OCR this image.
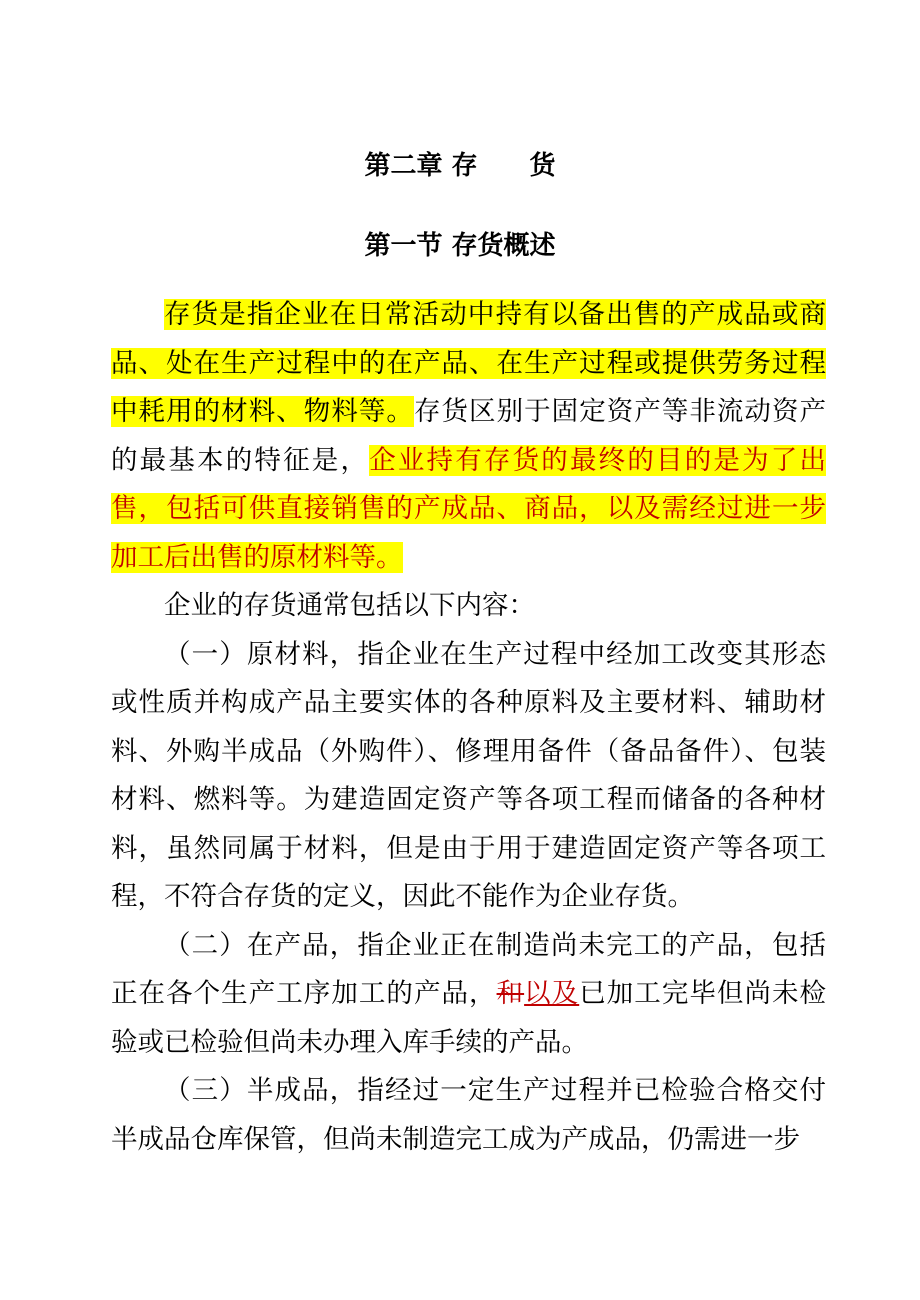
第二章 存 货
第一节 存货概述

存货是指企业在日常活动中持有以备出售的产成品或商品、处在生产过程中的在产品、在生产过程或提供劳务过程中耗用的材料、物料等。存货区别于固定资产等非流动资产的最基本的特征是，企业持有存货的最终的目的是为了出售，包括可供直接销售的产成品、商品，以及需经过进一步加工后出售的原材料等。

企业的存货通常包括以下内容：

（一）原材料，指企业在生产过程中经加工改变其形态或性质并构成产品主要实体的各种原料及主要材料、辅助材料、外购半成品（外购件）、修理用备件（备品备件）、包装材料、燃料等。为建造固定资产等各项工程而储备的各种材料，虽然同属于材料，但是由于用于建造固定资产等各项工程，不符合存货的定义，因此不能作为企业存货。

（二）在产品，指企业正在制造尚未完工的产品，包括正在各个生产工序加工的产品，和以及已加工完毕但尚未检验或已检验但尚未办理入库手续的产品。

（三）半成品，指经过一定生产过程并已检验合格交付半成品仓库保管，但尚未制造完工成为产成品，仍需进一步
